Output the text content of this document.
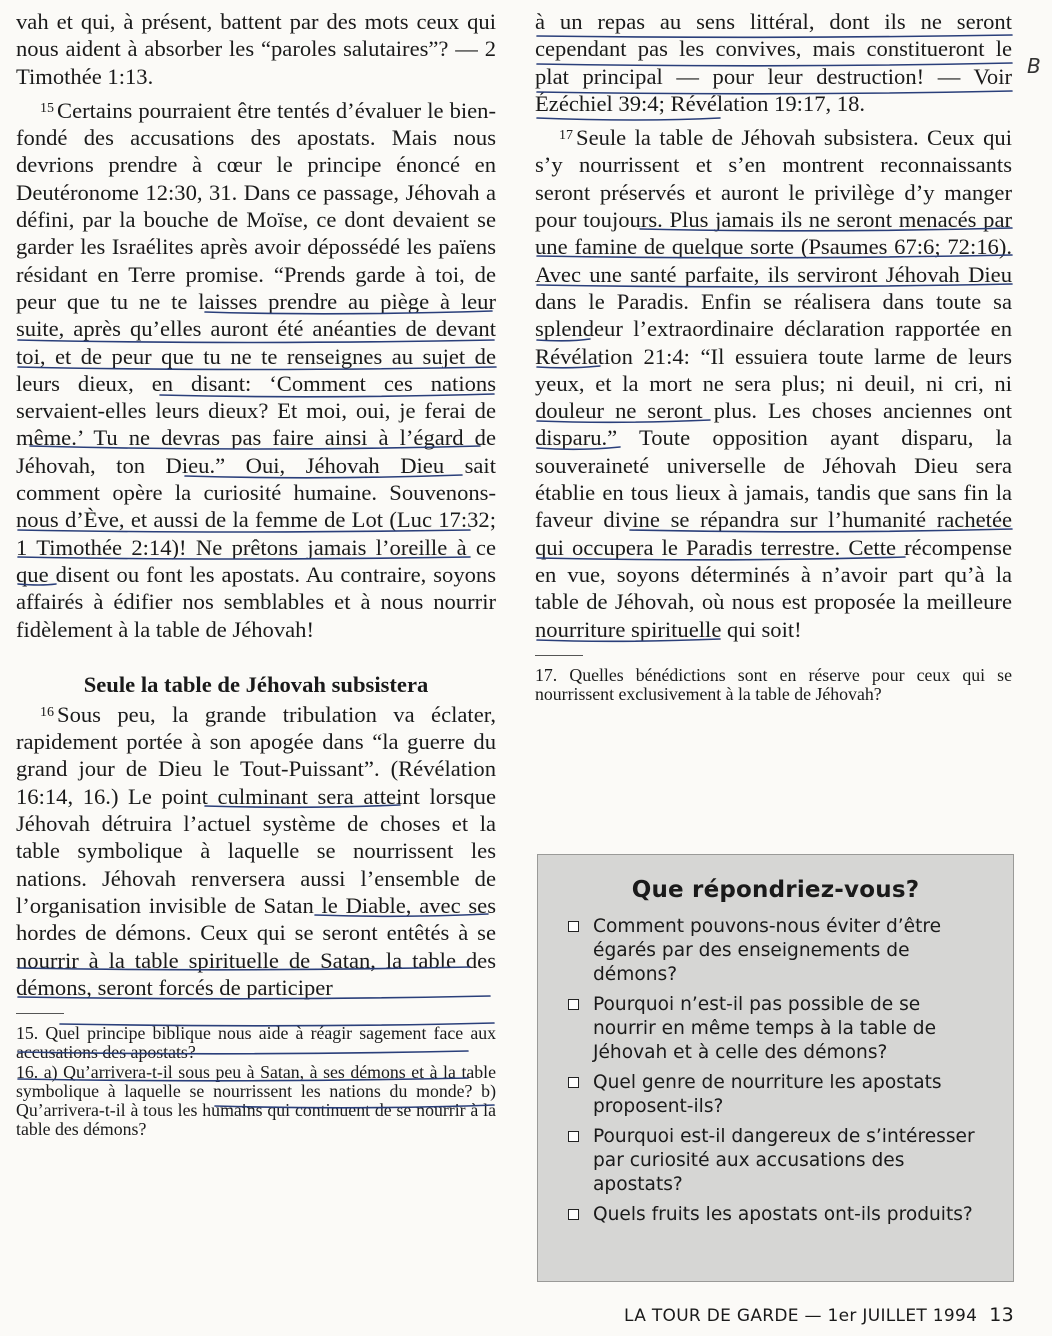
vah et qui, à présent, battent par des mots ceux qui nous aident à absorber les “paroles salutaires”? — 2 Timothée 1:13.

$^{15}$ Certains pourraient être tentés d’évaluer le bien-fondé des accusations des apostats. Mais nous devrions prendre à cœur le principe énoncé en Deutéronome 12:30, 31. Dans ce passage, Jéhovah a défini, par la bouche de Moïse, ce dont devaient se garder les Israélites après avoir dépossédé les païens résidant en Terre promise. “Prends garde à toi, de peur que tu ne te laisses prendre au piège à leur suite, après qu’elles auront été anéanties de devant toi, et de peur que tu ne te renseignes au sujet de leurs dieux, en disant: ‘Comment ces nations servaient-elles leurs dieux? Et moi, oui, je ferai de même.’ Tu ne devras pas faire ainsi à l’égard de Jéhovah, ton Dieu.” Oui, Jéhovah Dieu sait comment opère la curiosité humaine. Souvenons-nous d’Ève, et aussi de la femme de Lot (Luc 17:32; 1 Timothée 2:14)! Ne prêtons jamais l’oreille à ce que disent ou font les apostats. Au contraire, soyons affairés à édifier nos semblables et à nous nourrir fidèlement à la table de Jéhovah!

Seule la table de Jéhovah subsistera

$^{16}$ Sous peu, la grande tribulation va éclater, rapidement portée à son apogée dans “la guerre du grand jour de Dieu le Tout-Puissant”. (Révélation 16:14, 16.) Le point culminant sera atteint lorsque Jéhovah détruira l’actuel système de choses et la table symbolique à laquelle se nourrissent les nations. Jéhovah renversera aussi l’ensemble de l’organisation invisible de Satan le Diable, avec ses hordes de démons. Ceux qui se seront entêtés à se nourrir à la table spirituelle de Satan, la table des démons, seront forcés de participer

15. Quel principe biblique nous aide à réagir sagement face aux accusations des apostats?

16. a) Qu’arrivera-t-il sous peu à Satan, à ses démons et à la table symbolique à laquelle se nourrissent les nations du monde? b) Qu’arrivera-t-il à tous les humains qui continuent de se nourrir à la table des démons?

à un repas au sens littéral, dont ils ne seront cependant pas les convives, mais constitueront le plat principal — pour leur destruction! — Voir Ézéchiel 39:4; Révélation 19:17, 18.

$^{17}$ Seule la table de Jéhovah subsistera. Ceux qui s’y nourrissent et s’en montrent reconnaissants seront préservés et auront le privilège d’y manger pour toujours. Plus jamais ils ne seront menacés par une famine de quelque sorte (Psaumes 67:6; 72:16). Avec une santé parfaite, ils serviront Jéhovah Dieu dans le Paradis. Enfin se réalisera dans toute sa splendeur l’extraordinaire déclaration rapportée en Révélation 21:4: “Il essuiera toute larme de leurs yeux, et la mort ne sera plus; ni deuil, ni cri, ni douleur ne seront plus. Les choses anciennes ont disparu.” Toute opposition ayant disparu, la souveraineté universelle de Jéhovah Dieu sera établie en tous lieux à jamais, tandis que sans fin la faveur divine se répandra sur l’humanité rachetée qui occupera le Paradis terrestre. Cette récompense en vue, soyons déterminés à n’avoir part qu’à la table de Jéhovah, où nous est proposée la meilleure nourriture spirituelle qui soit!

17. Quelles bénédictions sont en réserve pour ceux qui se nourrissent exclusivement à la table de Jéhovah?

Que répondriez-vous?
Comment pouvons-nous éviter d’être égarés par des enseignements de démons?
Pourquoi n’est-il pas possible de se nourrir en même temps à la table de Jéhovah et à celle des démons?
Quel genre de nourriture les apostats proposent-ils?
Pourquoi est-il dangereux de s’intéresser par curiosité aux accusations des apostats?
Quels fruits les apostats ont-ils produits?
LA TOUR DE GARDE — 1er JUILLET 1994 13
B
